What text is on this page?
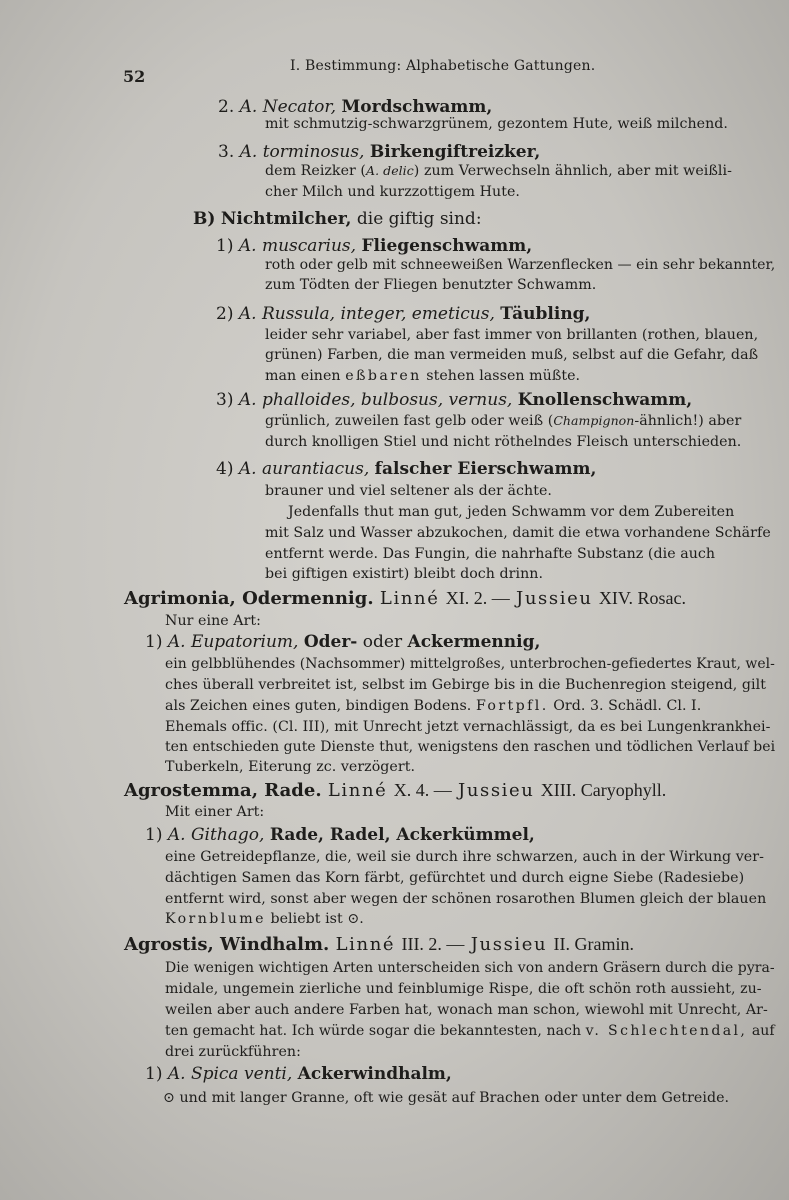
52
I. Bestimmung: Alphabetische Gattungen.
2. A. Necator, Mordschwamm,
mit schmutzig-schwarzgrünem, gezontem Hute, weiß milchend.
3. A. torminosus, Birkengiftreizker,
dem Reizker (A. delic) zum Verwechseln ähnlich, aber mit weißli-
cher Milch und kurzzottigem Hute.
B) Nichtmilcher, die giftig sind:
1) A. muscarius, Fliegenschwamm,
roth oder gelb mit schneeweißen Warzenflecken — ein sehr bekannter,
zum Tödten der Fliegen benutzter Schwamm.
2) A. Russula, integer, emeticus, Täubling,
leider sehr variabel, aber fast immer von brillanten (rothen, blauen,
grünen) Farben, die man vermeiden muß, selbst auf die Gefahr, daß
man einen eßbaren stehen lassen müßte.
3) A. phalloides, bulbosus, vernus, Knollenschwamm,
grünlich, zuweilen fast gelb oder weiß (Champignon-ähnlich!) aber
durch knolligen Stiel und nicht röthelndes Fleisch unterschieden.
4) A. aurantiacus, falscher Eierschwamm,
brauner und viel seltener als der ächte.
Jedenfalls thut man gut, jeden Schwamm vor dem Zubereiten
mit Salz und Wasser abzukochen, damit die etwa vorhandene Schärfe
entfernt werde. Das Fungin, die nahrhafte Substanz (die auch
bei giftigen existirt) bleibt doch drinn.
Agrimonia, Odermennig. Linné XI. 2. — Jussieu XIV. Rosac.
Nur eine Art:
1) A. Eupatorium, Oder- oder Ackermennig,
ein gelbblühendes (Nachsommer) mittelgroßes, unterbrochen-gefiedertes Kraut, wel-
ches überall verbreitet ist, selbst im Gebirge bis in die Buchenregion steigend, gilt
als Zeichen eines guten, bindigen Bodens. Fortpfl. Ord. 3. Schädl. Cl. I.
Ehemals offic. (Cl. III), mit Unrecht jetzt vernachlässigt, da es bei Lungenkrankhei-
ten entschieden gute Dienste thut, wenigstens den raschen und tödlichen Verlauf bei
Tuberkeln, Eiterung zc. verzögert.
Agrostemma, Rade. Linné X. 4. — Jussieu XIII. Caryophyll.
Mit einer Art:
1) A. Githago, Rade, Radel, Ackerkümmel,
eine Getreidepflanze, die, weil sie durch ihre schwarzen, auch in der Wirkung ver-
dächtigen Samen das Korn färbt, gefürchtet und durch eigne Siebe (Radesiebe)
entfernt wird, sonst aber wegen der schönen rosarothen Blumen gleich der blauen
Kornblume beliebt ist ⊙.
Agrostis, Windhalm. Linné III. 2. — Jussieu II. Gramin.
Die wenigen wichtigen Arten unterscheiden sich von andern Gräsern durch die pyra-
midale, ungemein zierliche und feinblumige Rispe, die oft schön roth aussieht, zu-
weilen aber auch andere Farben hat, wonach man schon, wiewohl mit Unrecht, Ar-
ten gemacht hat. Ich würde sogar die bekanntesten, nach v. Schlechtendal, auf
drei zurückführen:
1) A. Spica venti, Ackerwindhalm,
⊙ und mit langer Granne, oft wie gesät auf Brachen oder unter dem Getreide.
